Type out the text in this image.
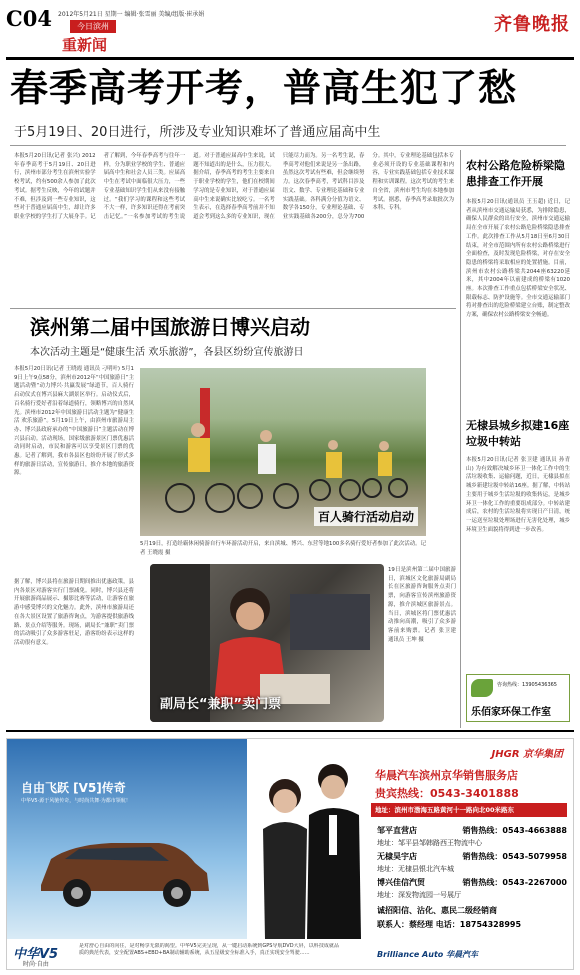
C04 2012年5月21日 星期一 编辑·张雪丽 美编/组版·崔承娟
今日滨州
重新闻
齐鲁晚报
春季高考开考，普高生犯了愁
于5月19日、20日进行，所涉及专业知识难坏了普通应届高中生
本报5月20日讯(记者 张兴) 2012年春季高考于5月19日、20日进行，滨州市部分考生在滨州实验学校考试，约有500余人参加了此次考试。据考生反映，今年的试题并不难，但涉及到一些专业知识，这些对于普通应届高中生，却让许多职业学校的学生打了大展身手。记者了解到，今年春季高考与往年一样，分为职业学校的学生、普通应届高中生和社会人员三类。应届高中生在考试中面临很大压力，一些专业基础知识学生们从来没有接触过。“我们学习的课程和这些考试不大一样，许多知识还得在考前突击记忆。”一名参加考试的考生说道。对于普通应届高中生来说，试题不知道出的是什么，压力很大。据介绍，春季高考的考生主要来自于职业学校的学生，他们在校期间学习的是专业知识，对于普通应届高中生来说确实比较吃亏。一名考生表示，在选择春季高考前并不知道会考到这么多的专业知识，现在只能尽力而为。另一名考生说，春季高考对他们来说是另一条出路，虽然这次考试有些难，但会继续努力。这次春季高考，考试科目涉及语文、数学、专业理论基础和专业实践基础。各科满分分值为语文、数学各150分，专业理论基础、专业实践基础各200分，总分为700分。其中，专业理论基础包括本专业必须开设的专业基础课程和内容，专业实践基础包括专业技术课程和实训课程。这次考试的考生来自全省，滨州市考生均在本地参加考试。据悉，春季高考录取批次为本科、专科。
农村公路危险桥梁隐患排查工作开展
本报5月20日讯(通讯员 王玉超) 近日，记者从滨州市交通运输局获悉，为排除隐患，确保人民群众的出行安全，滨州市交通运输局在全市开展了农村公路危险桥梁隐患排查工作。此次排查工作从5月18日至6月30日结束，对全市范围内所有农村公路桥梁进行全面检查，及时发现危险桥梁，对存在安全隐患的桥梁将采取相应的处置措施。目前，滨州市农村公路桥梁共2044座63220延米，其中2004年以前建成的桥梁有1020座。本次排查工作重点包括桥梁安全状况、限载标志、防护设施等。全市交通运输部门将对排查出的危险桥梁建立台账，制定整改方案，确保农村公路桥梁安全畅通。
无棣县城乡拟建16座垃圾中转站
本报5月20日讯(记者 张卫建 通讯员 孙青山) 为有效解决城乡环卫一体化工作中的生活垃圾收集、运输问题，近日，无棣县拟在城乡新建垃圾中转站16座。据了解，中转站主要用于城乡生活垃圾的收集转运，是城乡环卫一体化工作的重要组成部分。中转站建成后，农村的生活垃圾将实现日产日清，统一运送至垃圾处理场进行无害化处理，城乡环境卫生面貌将得到进一步改善。
咨询热线：13905436365
乐佰家环保工作室
滨州第二届中国旅游日博兴启动
本次活动主题是“健康生活 欢乐旅游”，各县区纷纷宣传旅游日
本报5月20日讯(记者 王晓霞 通讯员 刁明叶) 5月19日上午9点58分，滨州市2012年“中国旅游日”主题活动暨“动力博兴·共赢发展”绿道节，百人骑行启动仪式在博兴县麻大湖景区举行。启动仪式后，百名骑行爱好者沿着绿道骑行，领略博兴的自然风光。滨州市2012年中国旅游日活动主题为“健康生活 欢乐旅游”。5月19日上午，由滨州市旅游局主办、博兴县政府承办的“中国旅游日”主题活动在博兴县启动。活动现场，国家级旅游景区门票优惠活动同时启动，市民和游客可以享受景区门票的优惠。记者了解到，我市各县区也纷纷开展了形式多样的旅游日活动，宣传旅游日，推介本地的旅游资源。
据了解，博兴县将在旅游日期间推出优惠政策，县内各景区对游客实行门票减免。同时，博兴县还将开展旅游商品展示、摄影比赛等活动，让游客在旅游中感受博兴的文化魅力。此外，滨州市旅游局还在各大景区设置了旅游咨询点，为游客提供旅游线路、景点介绍等服务。现场，副局长“兼职”卖门票的活动吸引了众多游客驻足，游客纷纷表示这样的活动很有意义。
百人骑行活动启动
5月19日，打造经霸休闲骑游自行车环游活动开启，来自滨城、博兴、东营等地100多名骑行爱好者参加了此次活动。记者 王晓霞 摄
副局长“兼职”卖门票
19日是滨州第二届中国旅游日，滨城区文化旅游局副局长在区旅游咨询服务点卖门票，向游客宣传滨州旅游资源，推介滨城区旅游景点。当日，滨城区将门票优惠活动推向高潮，吸引了众多游客前来购票。记者 张卫建 通讯员 王坤 摄
自由飞跃 [V5]传奇
中华V5·源于风驰传奇，与时尚共舞·为都市领航！
JHGR 京华集团
华晨汽车滨州京华销售服务店
贵宾热线：0543-3401888
地址：滨州市渤海五路黄河十一路向北00米路东
邹平直营店	销售热线：0543-4663888
地址：邹平县邹韩路西王物流中心
无棣昊宇店	销售热线：0543-5079958
地址：无棣县银北汽车城
博兴佳信汽贸	销售热线：0543-2267000
地址：深发物流园一号展厅
诚招阳信、沾化、惠民二级经销商
联系人：蔡经理 电话：18754328995
中华V5
时尚·自由
是对舒心自由的向往，是对畅享无限的渴望。中华V5完美呈现，从一键启动系统到GPS导航DVD大屏，以科技成就品质的典范代表，安全配置ABS+EBD+BA制动辅助系统，从五星级安全标准入手，真正实现安全驾驶……	Brilliance Auto 华晨汽车
